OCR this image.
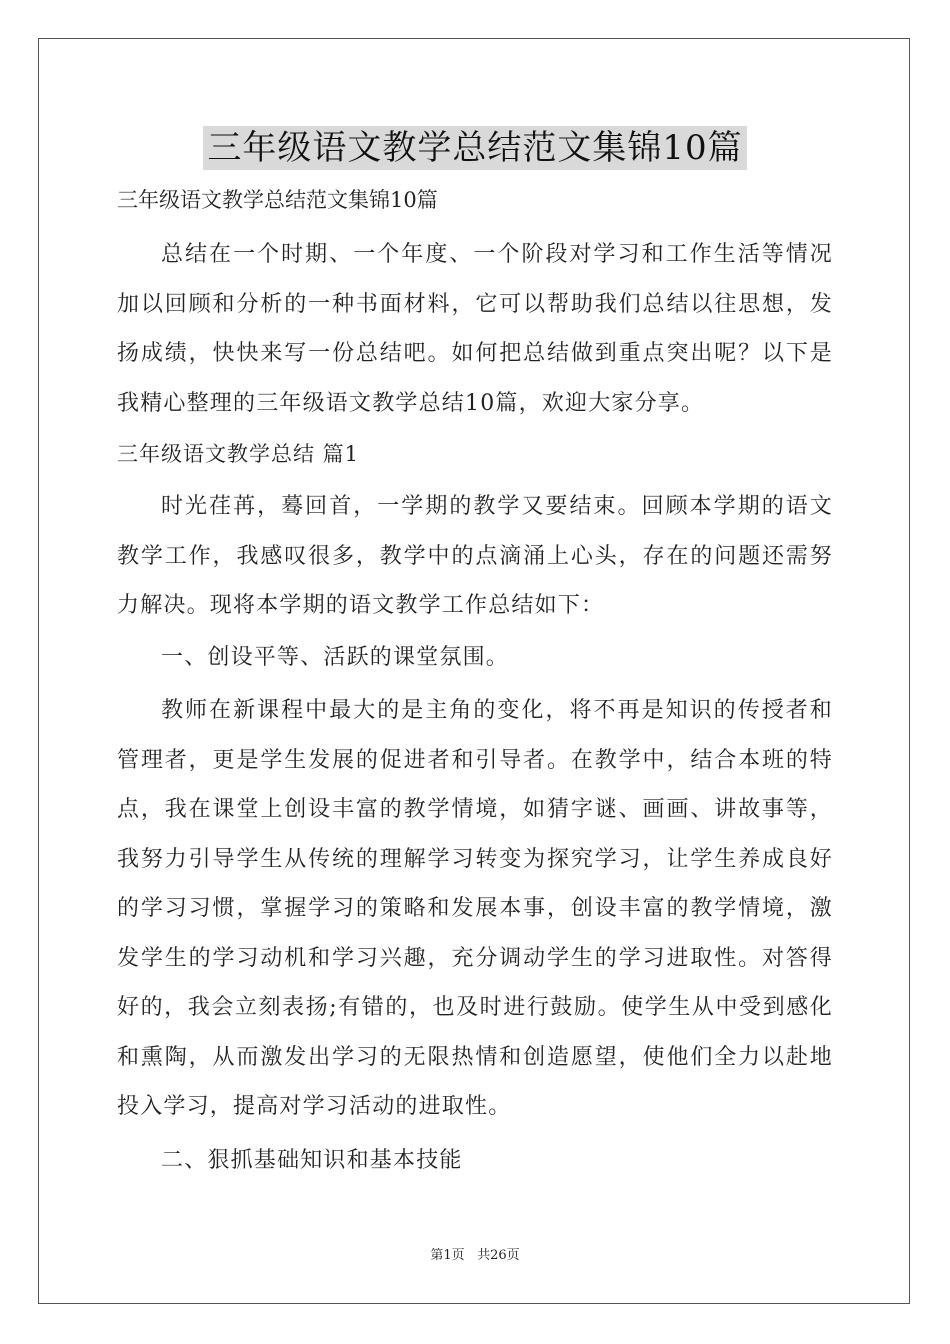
三年级语文教学总结范文集锦10篇
三年级语文教学总结范文集锦10篇

总结在一个时期、一个年度、一个阶段对学习和工作生活等情况加以回顾和分析的一种书面材料，它可以帮助我们总结以往思想，发扬成绩，快快来写一份总结吧。如何把总结做到重点突出呢？以下是我精心整理的三年级语文教学总结10篇，欢迎大家分享。

三年级语文教学总结 篇1

时光荏苒，蓦回首，一学期的教学又要结束。回顾本学期的语文教学工作，我感叹很多，教学中的点滴涌上心头，存在的问题还需努力解决。现将本学期的语文教学工作总结如下：

一、创设平等、活跃的课堂氛围。

教师在新课程中最大的是主角的变化，将不再是知识的传授者和管理者，更是学生发展的促进者和引导者。在教学中，结合本班的特点，我在课堂上创设丰富的教学情境，如猜字谜、画画、讲故事等，我努力引导学生从传统的理解学习转变为探究学习，让学生养成良好的学习习惯，掌握学习的策略和发展本事，创设丰富的教学情境，激发学生的学习动机和学习兴趣，充分调动学生的学习进取性。对答得好的，我会立刻表扬;有错的，也及时进行鼓励。使学生从中受到感化和熏陶，从而激发出学习的无限热情和创造愿望，使他们全力以赴地投入学习，提高对学习活动的进取性。

二、狠抓基础知识和基本技能

第1页 共26页
